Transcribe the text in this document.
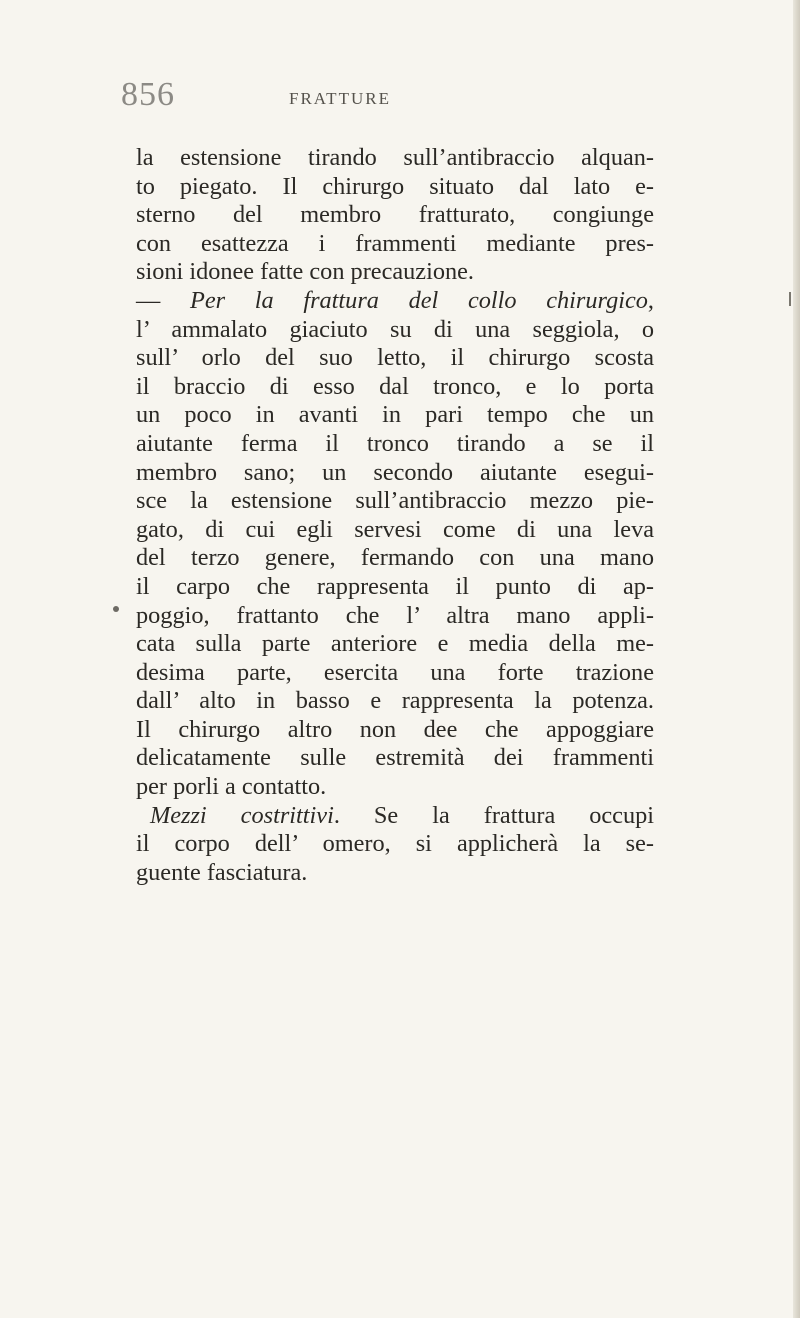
856	FRATTURE
la estensione tirando sull’antibraccio alquan-
to piegato. Il chirurgo situato dal lato e-
sterno del membro fratturato, congiunge
con esattezza i frammenti mediante pres-
sioni idonee fatte con precauzione.
— Per la frattura del collo chirurgico,
l’ ammalato giaciuto su di una seggiola, o
sull’ orlo del suo letto, il chirurgo scosta
il braccio di esso dal tronco, e lo porta
un poco in avanti in pari tempo che un
aiutante ferma il tronco tirando a se il
membro sano; un secondo aiutante esegui-
sce la estensione sull’antibraccio mezzo pie-
gato, di cui egli servesi come di una leva
del terzo genere, fermando con una mano
il carpo che rappresenta il punto di ap-
poggio, frattanto che l’ altra mano appli-
cata sulla parte anteriore e media della me-
desima parte, esercita una forte trazione
dall’ alto in basso e rappresenta la potenza.
Il chirurgo altro non dee che appoggiare
delicatamente sulle estremità dei frammenti
per porli a contatto.
Mezzi costrittivi. Se la frattura occupi
il corpo dell’ omero, si applicherà la se-
guente fasciatura.
